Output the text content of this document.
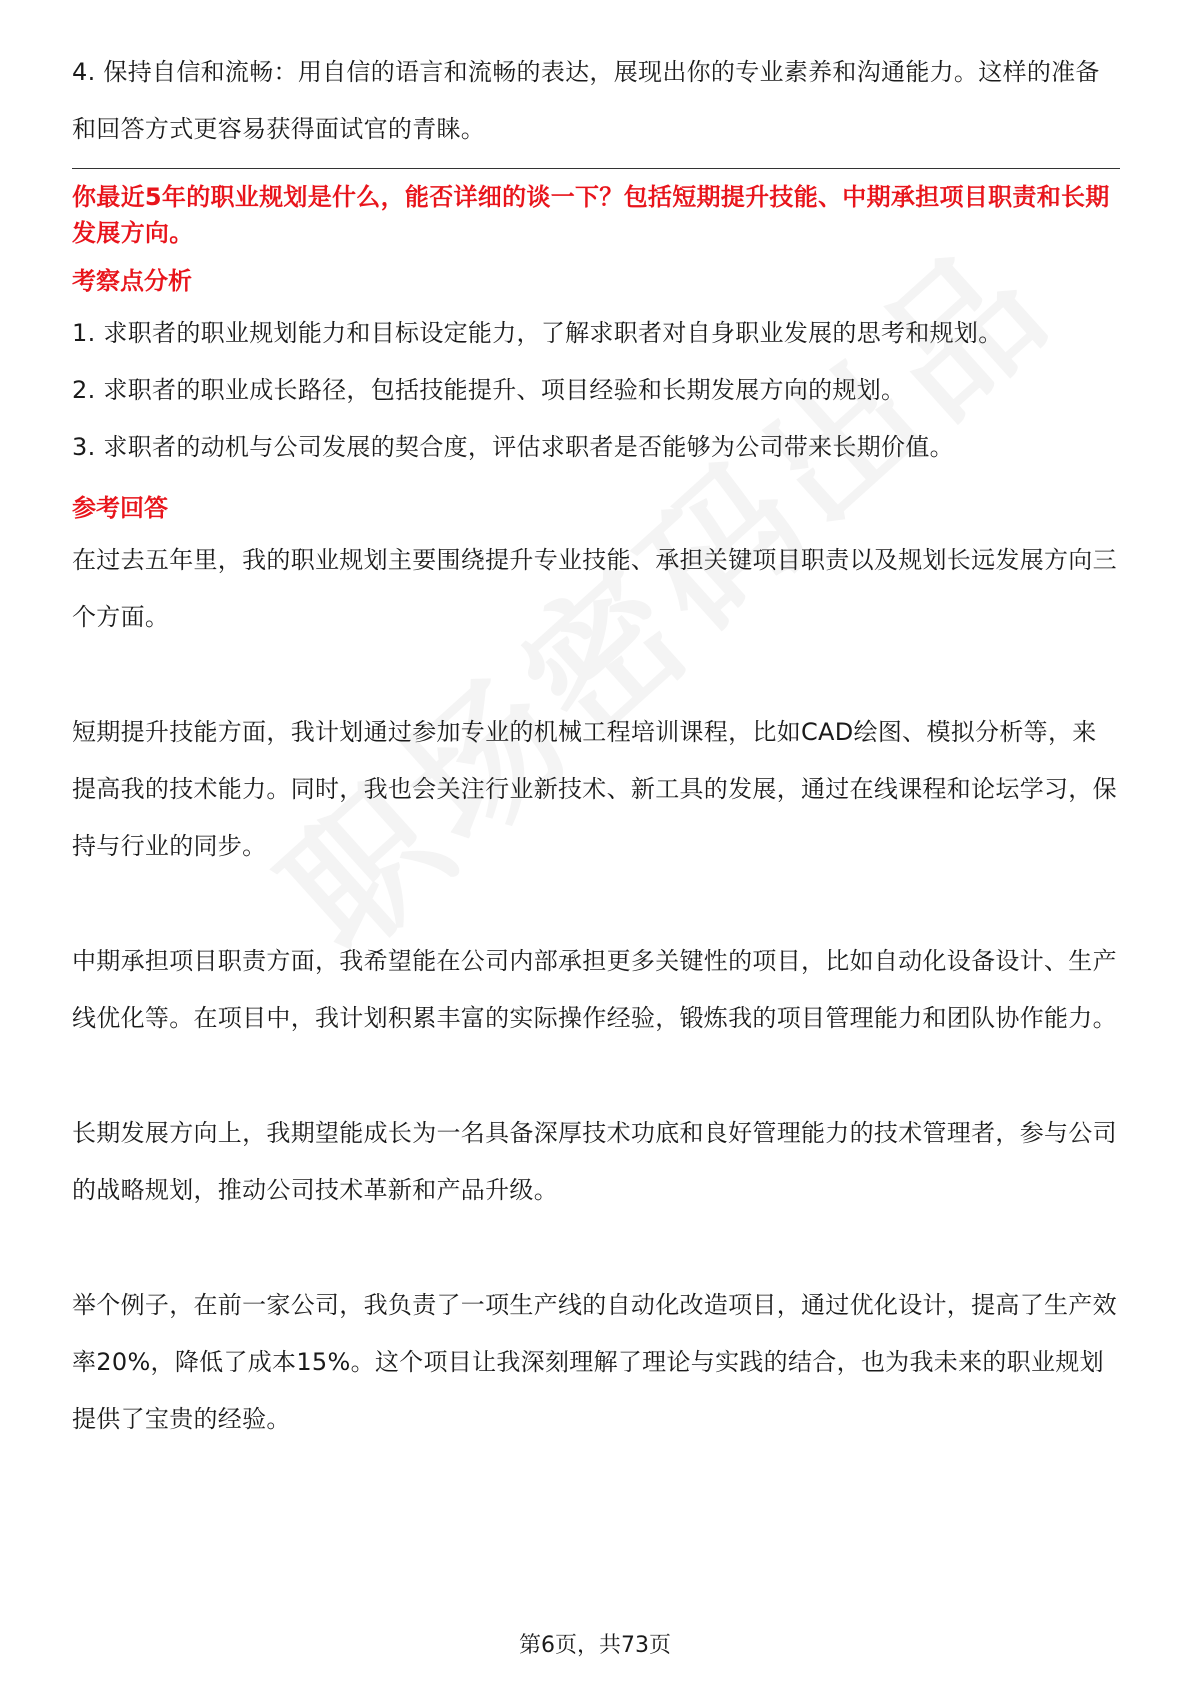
4. 保持自信和流畅：用自信的语言和流畅的表达，展现出你的专业素养和沟通能力。这样的准备和回答方式更容易获得面试官的青睐。

你最近5年的职业规划是什么，能否详细的谈一下？包括短期提升技能、中期承担项目职责和长期发展方向。
考察点分析

1. 求职者的职业规划能力和目标设定能力，了解求职者对自身职业发展的思考和规划。

2. 求职者的职业成长路径，包括技能提升、项目经验和长期发展方向的规划。

3. 求职者的动机与公司发展的契合度，评估求职者是否能够为公司带来长期价值。

参考回答

在过去五年里，我的职业规划主要围绕提升专业技能、承担关键项目职责以及规划长远发展方向三个方面。

短期提升技能方面，我计划通过参加专业的机械工程培训课程，比如CAD绘图、模拟分析等，来提高我的技术能力。同时，我也会关注行业新技术、新工具的发展，通过在线课程和论坛学习，保持与行业的同步。

中期承担项目职责方面，我希望能在公司内部承担更多关键性的项目，比如自动化设备设计、生产线优化等。在项目中，我计划积累丰富的实际操作经验，锻炼我的项目管理能力和团队协作能力。

长期发展方向上，我期望能成长为一名具备深厚技术功底和良好管理能力的技术管理者，参与公司的战略规划，推动公司技术革新和产品升级。

举个例子，在前一家公司，我负责了一项生产线的自动化改造项目，通过优化设计，提高了生产效率20%，降低了成本15%。这个项目让我深刻理解了理论与实践的结合，也为我未来的职业规划提供了宝贵的经验。

第6页，共73页
